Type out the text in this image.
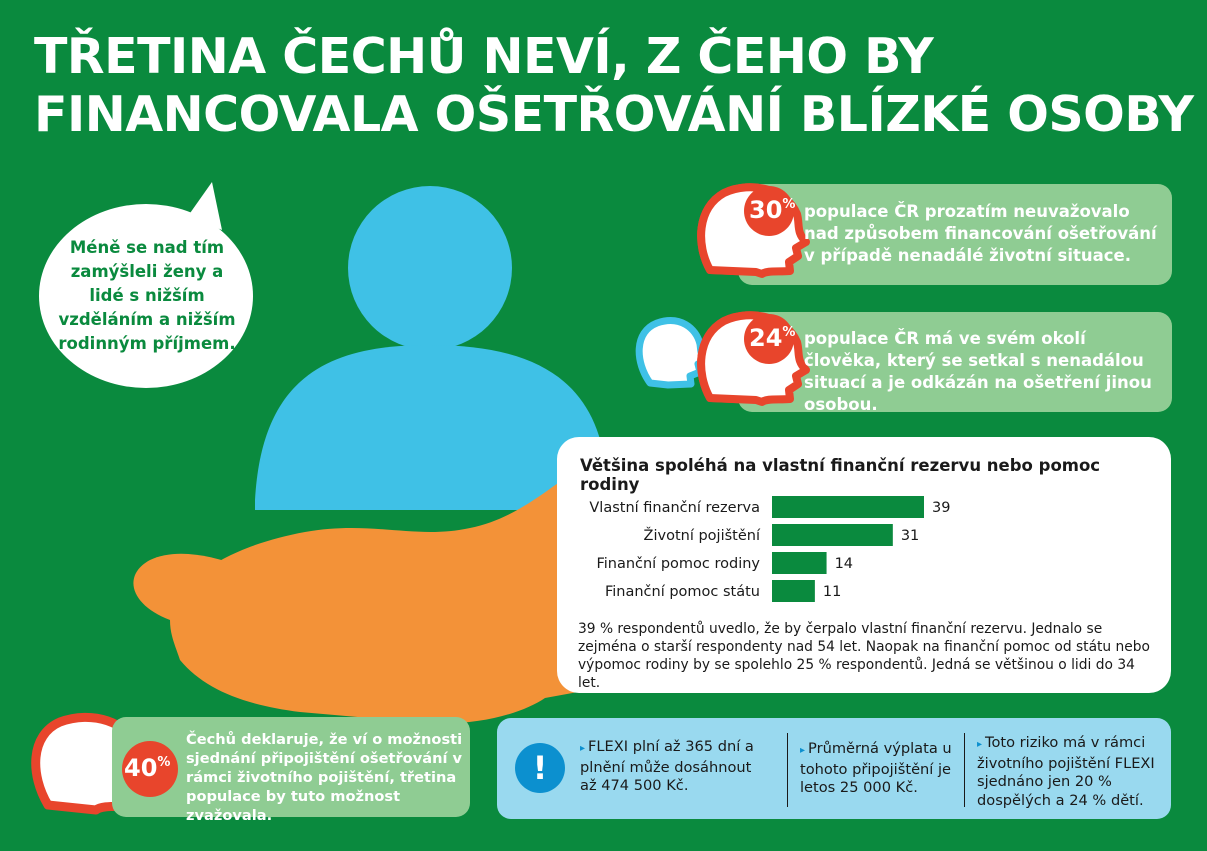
TŘETINA ČECHŮ NEVÍ, Z ČEHO BY
FINANCOVALA OŠETŘOVÁNÍ BLÍZKÉ OSOBY
Méně se nad tím zamýšleli ženy a lidé s nižším vzděláním a nižším rodinným příjmem.
30% populace ČR prozatím neuvažovalo nad způsobem financování ošetřování v případě nenadálé životní situace.

24% populace ČR má ve svém okolí člověka, který se setkal s nenadálou situací a je odkázán na ošetření jinou osobou.

Většina spoléhá na vlastní finanční rezervu nebo pomoc rodiny
Vlastní finanční rezerva	39
Životní pojištění	31
Finanční pomoc rodiny	14
Finanční pomoc státu	11

39 % respondentů uvedlo, že by čerpalo vlastní finanční rezervu. Jednalo se zejména o starší respondenty nad 54 let. Naopak na finanční pomoc od státu nebo výpomoc rodiny by se spolehlo 25 % respondentů. Jedná se většinou o lidi do 34 let.

40%

Čechů deklaruje, že ví o možnosti sjednání připojištění ošetřování v rámci životního pojištění, třetina populace by tuto možnost zvažovala.

!

▸ FLEXI plní až 365 dní a plnění může dosáhnout až 474 500 Kč.

▸ Průměrná výplata u tohoto připojištění je letos 25 000 Kč.

▸ Toto riziko má v rámci životního pojištění FLEXI sjednáno jen 20 % dospělých a 24 % dětí.
